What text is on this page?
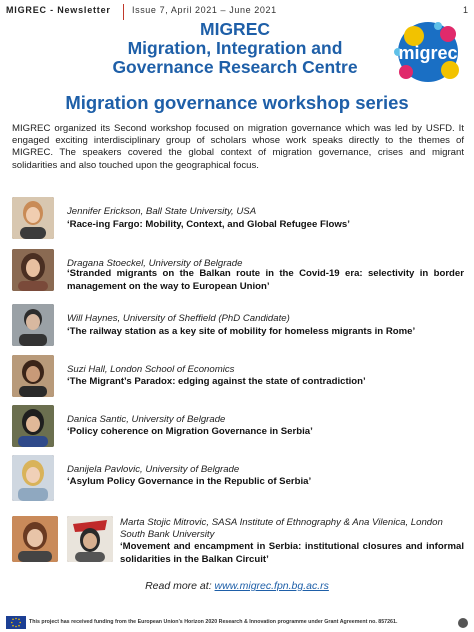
MIGREC - Newsletter Issue 7, April 2021 – June 2021	1
MIGREC
Migration, Integration and
Governance Research Centre
migrec
Migration governance workshop series

MIGREC organized its Second workshop focused on migration governance which was led by USFD. It engaged exciting interdisciplinary group of scholars whose work speaks directly to the themes of MIGREC. The speakers covered the global context of migration governance, crises and migrant solidarities and also touched upon the geographical focus.

Jennifer Erickson, Ball State University, USA
‘Race-ing Fargo: Mobility, Context, and Global Refugee Flows’
Dragana Stoeckel, University of Belgrade
‘Stranded migrants on the Balkan route in the Covid-19 era: selectivity in border management on the way to European Union’
Will Haynes, University of Sheffield (PhD Candidate)
‘The railway station as a key site of mobility for homeless migrants in Rome’
Suzi Hall, London School of Economics
‘The Migrant’s Paradox: edging against the state of contradiction’
Danica Santic, University of Belgrade
‘Policy coherence on Migration Governance in Serbia’
Danijela Pavlovic, University of Belgrade
‘Asylum Policy Governance in the Republic of Serbia’
Marta Stojic Mitrovic, SASA Institute of Ethnography & Ana Vilenica, London South Bank University
‘Movement and encampment in Serbia: institutional closures and informal solidarities in the Balkan Circuit’
Read more at: www.migrec.fpn.bg.ac.rs
This project has received funding from the European Union’s Horizon 2020 Research & Innovation programme under Grant Agreement no. 857261.
